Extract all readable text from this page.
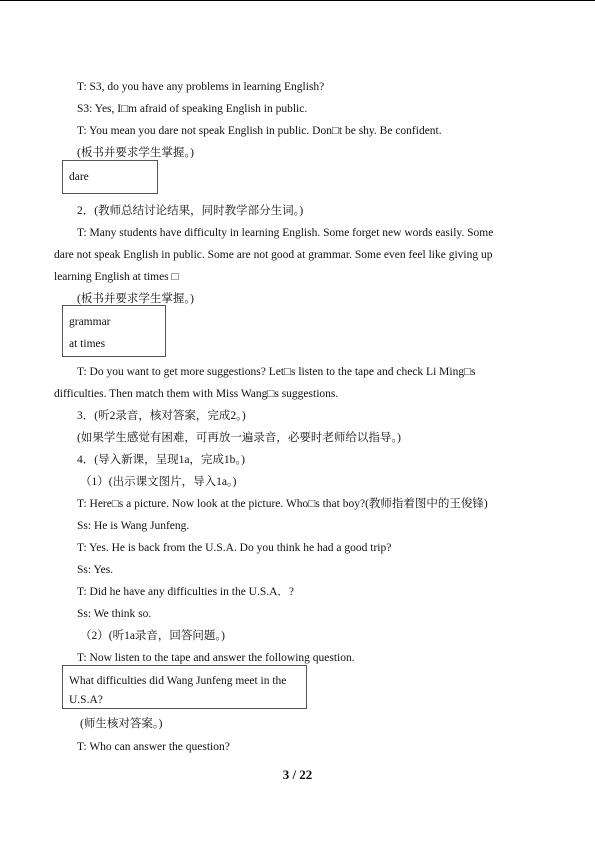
T: S3, do you have any problems in learning English?
S3: Yes, I□m afraid of speaking English in public.
T: You mean you dare not speak English in public. Don□t be shy. Be confident.
(板书并要求学生掌握。)
dare
2．(教师总结讨论结果，同时教学部分生词。)
T: Many students have difficulty in learning English. Some forget new words easily. Some
dare not speak English in public. Some are not good at grammar. Some even feel like giving up
learning English at times □
(板书并要求学生掌握。)
grammar
at times
T: Do you want to get more suggestions? Let□s listen to the tape and check Li Ming□s
difficulties. Then match them with Miss Wang□s suggestions.
3．(听2录音，核对答案，完成2。)
(如果学生感觉有困难，可再放一遍录音，必要时老师给以指导。)
4．(导入新课，呈现1a，完成1b。)
（1）(出示课文图片，导入1a。)
T: Here□s a picture. Now look at the picture. Who□s that boy?(教师指着图中的王俊锋)
Ss: He is Wang Junfeng.
T: Yes. He is back from the U.S.A. Do you think he had a good trip?
Ss: Yes.
T: Did he have any difficulties in the U.S.A．?
Ss: We think so.
（2）(听1a录音，回答问题。)
T: Now listen to the tape and answer the following question.
What difficulties did Wang Junfeng meet in the
U.S.A?
(师生核对答案。)
T: Who can answer the question?
3 / 22
